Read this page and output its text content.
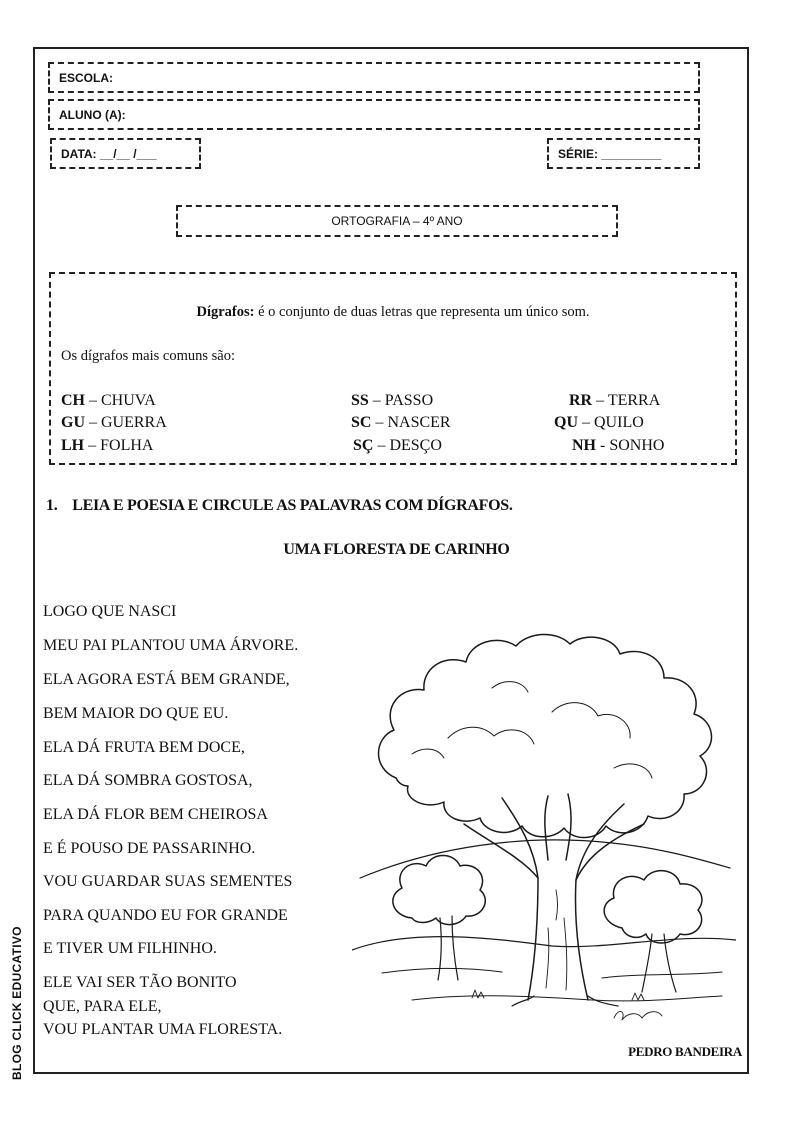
ESCOLA:
ALUNO (A):
DATA: __/__ /___	SÉRIE: _________
ORTOGRAFIA – 4º ANO
Dígrafos: é o conjunto de duas letras que representa um único som.
Os dígrafos mais comuns são:
CH – CHUVA	SS – PASSO	RR – TERRA
GU – GUERRA	SC – NASCER	QU – QUILO
LH – FOLHA	SÇ – DESÇO	NH - SONHO
1. LEIA E POESIA E CIRCULE AS PALAVRAS COM DÍGRAFOS.
UMA FLORESTA DE CARINHO
LOGO QUE NASCI
MEU PAI PLANTOU UMA ÁRVORE.
ELA AGORA ESTÁ BEM GRANDE,
BEM MAIOR DO QUE EU.
ELA DÁ FRUTA BEM DOCE,
ELA DÁ SOMBRA GOSTOSA,
ELA DÁ FLOR BEM CHEIROSA
E É POUSO DE PASSARINHO.
VOU GUARDAR SUAS SEMENTES
PARA QUANDO EU FOR GRANDE
E TIVER UM FILHINHO.
ELE VAI SER TÃO BONITO
QUE, PARA ELE,
VOU PLANTAR UMA FLORESTA.
PEDRO BANDEIRA
BLOG CLICK EDUCATIVO
